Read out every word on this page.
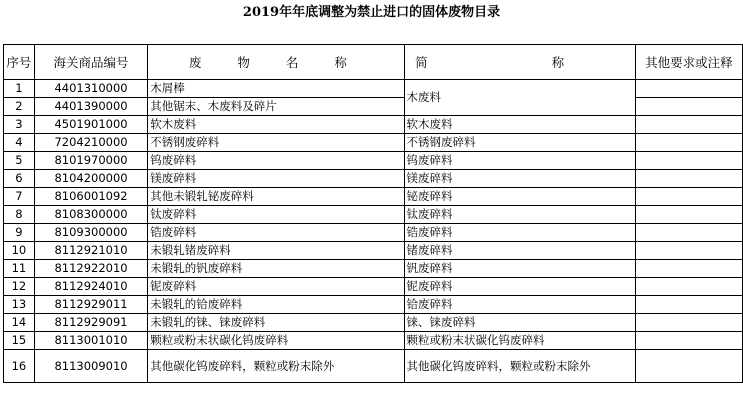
2019年年底调整为禁止进口的固体废物目录
序号	海关商品编号	废 物 名 称	简 称	其他要求或注释
1	4401310000	木屑棒	木废料	
2	4401390000	其他锯末、木废料及碎片		
3	4501901000	软木废料	软木废料	
4	7204210000	不锈钢废碎料	不锈钢废碎料	
5	8101970000	钨废碎料	钨废碎料	
6	8104200000	镁废碎料	镁废碎料	
7	8106001092	其他未锻轧铋废碎料	铋废碎料	
8	8108300000	钛废碎料	钛废碎料	
9	8109300000	锆废碎料	锆废碎料	
10	8112921010	未锻轧锗废碎料	锗废碎料	
11	8112922010	未锻轧的钒废碎料	钒废碎料	
12	8112924010	铌废碎料	铌废碎料	
13	8112929011	未锻轧的铪废碎料	铪废碎料	
14	8112929091	未锻轧的铼、铼废碎料	铼、铼废碎料	
15	8113001010	颗粒或粉末状碳化钨废碎料	颗粒或粉末状碳化钨废碎料	
16	8113009010	其他碳化钨废碎料，颗粒或粉末除外	其他碳化钨废碎料，颗粒或粉末除外	
